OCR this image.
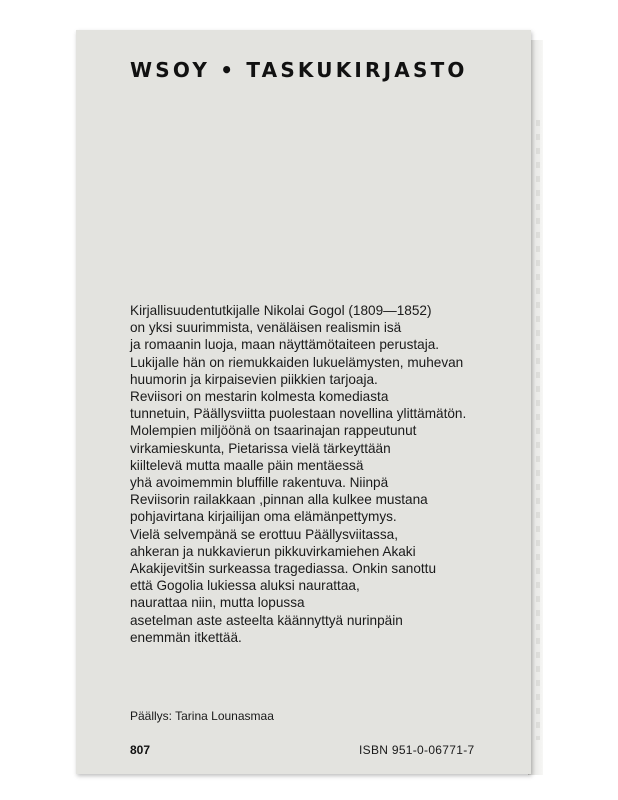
WSOY • TASKUKIRJASTO

Kirjallisuudentutkijalle Nikolai Gogol (1809—1852)
on yksi suurimmista, venäläisen realismin isä
ja romaanin luoja, maan näyttämötaiteen perustaja.
Lukijalle hän on riemukkaiden lukuelämysten, muhevan
huumorin ja kirpaisevien piikkien tarjoaja.
Reviisori on mestarin kolmesta komediasta
tunnetuin, Päällysviitta puolestaan novellina ylittämätön.
Molempien miljöönä on tsaarinajan rappeutunut
virkamieskunta, Pietarissa vielä tärkeyttään
kiiltelevä mutta maalle päin mentäessä
yhä avoimemmin bluffille rakentuva. Niinpä
Reviisorin railakkaan ,pinnan alla kulkee mustana
pohjavirtana kirjailijan oma elämänpettymys.
Vielä selvempänä se erottuu Päällysviitassa,
ahkeran ja nukkavierun pikkuvirkamiehen Akaki
Akakijevitšin surkeassa tragediassa. Onkin sanottu
että Gogolia lukiessa aluksi naurattaa,
naurattaa niin, mutta lopussa
asetelman aste asteelta käännyttyä nurinpäin
enemmän itkettää.

Päällys: Tarina Lounasmaa

807	ISBN 951-0-06771-7
